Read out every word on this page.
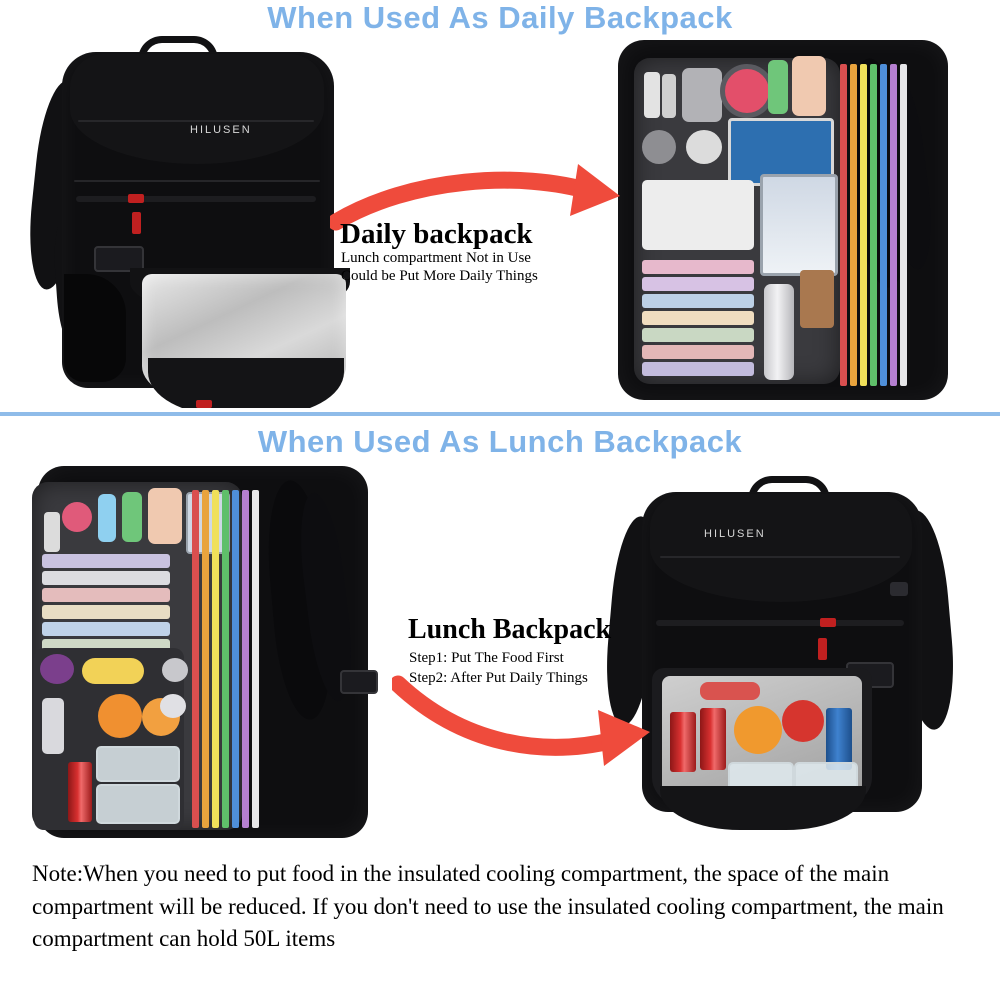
When Used As Daily Backpack
HILUSEN
Daily backpack
Lunch compartment Not in Use
Could be Put More Daily Things
When Used As Lunch Backpack
HILUSEN
Lunch Backpack
Step1: Put The Food First
Step2: After Put Daily Things
Note:When you need to put food in the insulated cooling compartment, the space of the main compartment will be reduced. If you don't need to use the insulated cooling compartment, the main compartment can hold 50L items
